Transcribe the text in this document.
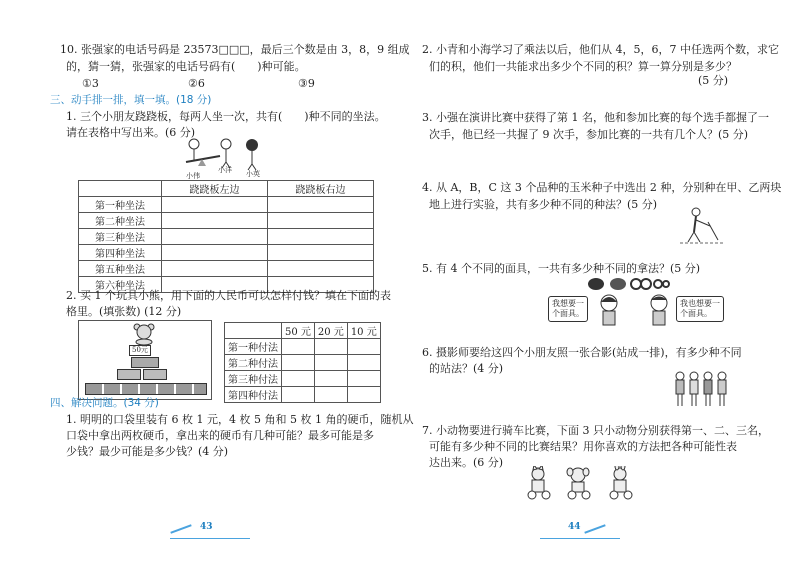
10. 张强家的电话号码是 23573□□□，最后三个数是由 3，8，9 组成
的，猜一猜，张强家的电话号码有(　　)种可能。
①3	②6	③9
三、动手排一排，填一填。(18 分)
1. 三个小朋友跷跷板，每两人坐一次，共有(　　)种不同的坐法。
请在表格中写出来。(6 分)
小伟
小洋 小英
	跷跷板左边	跷跷板右边
第一种坐法		
第二种坐法		
第三种坐法		
第四种坐法		
第五种坐法		
第六种坐法		
2. 买 1 个玩具小熊，用下面的人民币可以怎样付钱？填在下面的表
格里。(填张数) (12 分)
50元
	50 元	20 元	10 元
第一种付法			
第二种付法			
第三种付法			
第四种付法			
四、解决问题。(34 分)
1. 明明的口袋里装有 6 枚 1 元，4 枚 5 角和 5 枚 1 角的硬币，随机从
口袋中拿出两枚硬币，拿出来的硬币有几种可能？最多可能是多
少钱？最少可能是多少钱？(4 分)
43
2. 小青和小海学习了乘法以后，他们从 4，5，6，7 中任选两个数，求它
们的积，他们一共能求出多少个不同的积？算一算分别是多少？
(5 分)
3. 小强在演讲比赛中获得了第 1 名，他和参加比赛的每个选手都握了一
次手，他已经一共握了 9 次手，参加比赛的一共有几个人？(5 分)
4. 从 A，B，C 这 3 个品种的玉米种子中选出 2 种，分别种在甲、乙两块
地上进行实验，共有多少种不同的种法？(5 分)
5. 有 4 个不同的面具，一共有多少种不同的拿法？(5 分)
我想要一
个面具。
我也想要一
个面具。
6. 摄影师要给这四个小朋友照一张合影(站成一排)，有多少种不同
的站法？(4 分)
7. 小动物要进行骑车比赛，下面 3 只小动物分别获得第一、二、三名，
可能有多少种不同的比赛结果？用你喜欢的方法把各种可能性表
达出来。(6 分)
44
